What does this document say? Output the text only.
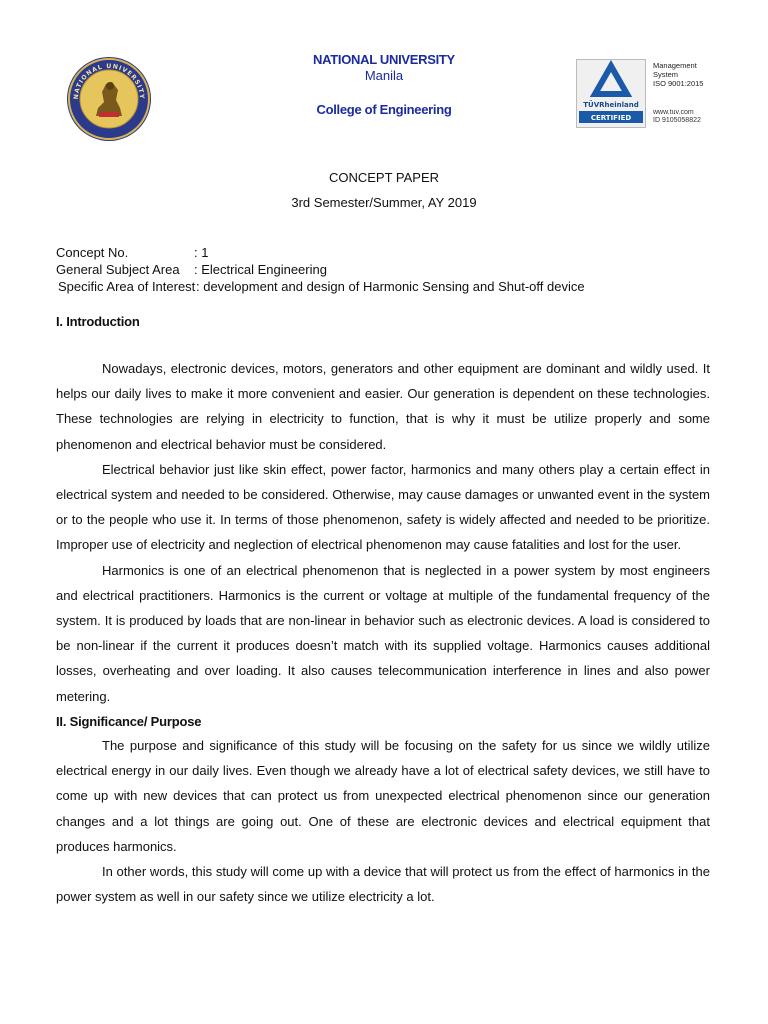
NATIONAL UNIVERSITY
NATIONAL UNIVERSITY
Manila
College of Engineering	TÜVRheinland
CERTIFIED
Management
System
ISO 9001:2015
www.tuv.com
ID 9105058822
CONCEPT PAPER
3rd Semester/Summer, AY 2019
Concept No.	: 1
General Subject Area : Electrical Engineering
Specific Area of Interest : development and design of Harmonic Sensing and Shut-off device
I. Introduction

Nowadays, electronic devices, motors, generators and other equipment are dominant and wildly used. It helps our daily lives to make it more convenient and easier. Our generation is dependent on these technologies. These technologies are relying in electricity to function, that is why it must be utilize properly and some phenomenon and electrical behavior must be considered.

Electrical behavior just like skin effect, power factor, harmonics and many others play a certain effect in electrical system and needed to be considered. Otherwise, may cause damages or unwanted event in the system or to the people who use it. In terms of those phenomenon, safety is widely affected and needed to be prioritize. Improper use of electricity and neglection of electrical phenomenon may cause fatalities and lost for the user.

Harmonics is one of an electrical phenomenon that is neglected in a power system by most engineers and electrical practitioners. Harmonics is the current or voltage at multiple of the fundamental frequency of the system. It is produced by loads that are non-linear in behavior such as electronic devices. A load is considered to be non-linear if the current it produces doesn’t match with its supplied voltage. Harmonics causes additional losses, overheating and over loading. It also causes telecommunication interference in lines and also power metering.

II. Significance/ Purpose

The purpose and significance of this study will be focusing on the safety for us since we wildly utilize electrical energy in our daily lives. Even though we already have a lot of electrical safety devices, we still have to come up with new devices that can protect us from unexpected electrical phenomenon since our generation changes and a lot things are going out. One of these are electronic devices and electrical equipment that produces harmonics.

In other words, this study will come up with a device that will protect us from the effect of harmonics in the power system as well in our safety since we utilize electricity a lot.
